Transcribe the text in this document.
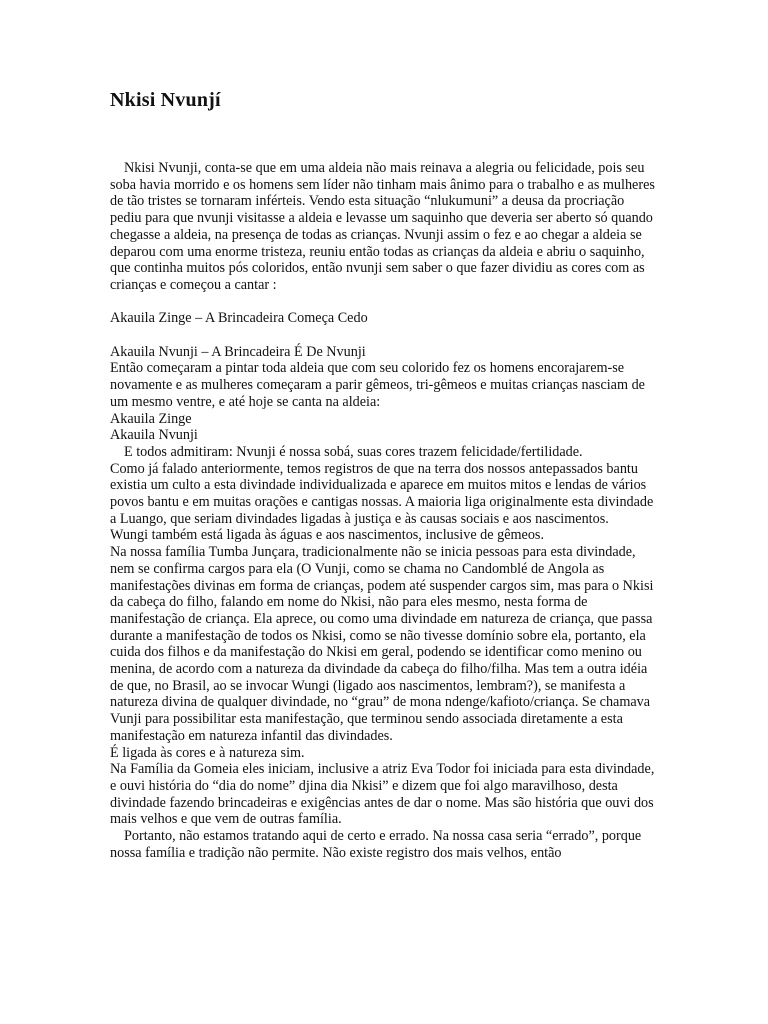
Nkisi Nvunjí

Nkisi Nvunji, conta-se que em uma aldeia não mais reinava a alegria ou felicidade, pois seu soba havia morrido e os homens sem líder não tinham mais ânimo para o trabalho e as mulheres de tão tristes se tornaram inférteis. Vendo esta situação “nlukumuni” a deusa da procriação pediu para que nvunji visitasse a aldeia e levasse um saquinho que deveria ser aberto só quando chegasse a aldeia, na presença de todas as crianças. Nvunji assim o fez e ao chegar a aldeia se deparou com uma enorme tristeza, reuniu então todas as crianças da aldeia e abriu o saquinho, que continha muitos pós coloridos, então nvunji sem saber o que fazer dividiu as cores com as crianças e começou a cantar :

Akauila Zinge – A Brincadeira Começa Cedo

Akauila Nvunji – A Brincadeira É De Nvunji

Então começaram a pintar toda aldeia que com seu colorido fez os homens encorajarem-se novamente e as mulheres começaram a parir gêmeos, tri-gêmeos e muitas crianças nasciam de um mesmo ventre, e até hoje se canta na aldeia:

Akauila Zinge

Akauila Nvunji

E todos admitiram: Nvunji é nossa sobá, suas cores trazem felicidade/fertilidade.

Como já falado anteriormente, temos registros de que na terra dos nossos antepassados bantu existia um culto a esta divindade individualizada e aparece em muitos mitos e lendas de vários povos bantu e em muitas orações e cantigas nossas. A maioria liga originalmente esta divindade a Luango, que seriam divindades ligadas à justiça e às causas sociais e aos nascimentos.

Wungi também está ligada às águas e aos nascimentos, inclusive de gêmeos.

Na nossa família Tumba Junçara, tradicionalmente não se inicia pessoas para esta divindade, nem se confirma cargos para ela (O Vunji, como se chama no Candomblé de Angola as manifestações divinas em forma de crianças, podem até suspender cargos sim, mas para o Nkisi da cabeça do filho, falando em nome do Nkisi, não para eles mesmo, nesta forma de manifestação de criança. Ela aprece, ou como uma divindade em natureza de criança, que passa durante a manifestação de todos os Nkisi, como se não tivesse domínio sobre ela, portanto, ela cuida dos filhos e da manifestação do Nkisi em geral, podendo se identificar como menino ou menina, de acordo com a natureza da divindade da cabeça do filho/filha. Mas tem a outra idéia de que, no Brasil, ao se invocar Wungi (ligado aos nascimentos, lembram?), se manifesta a natureza divina de qualquer divindade, no “grau” de mona ndenge/kafioto/criança. Se chamava Vunji para possibilitar esta manifestação, que terminou sendo associada diretamente a esta manifestação em natureza infantil das divindades.

É ligada às cores e à natureza sim.

Na Família da Gomeia eles iniciam, inclusive a atriz Eva Todor foi iniciada para esta divindade, e ouvi história do “dia do nome” djina dia Nkisi” e dizem que foi algo maravilhoso, desta divindade fazendo brincadeiras e exigências antes de dar o nome. Mas são história que ouvi dos mais velhos e que vem de outras família.

Portanto, não estamos tratando aqui de certo e errado. Na nossa casa seria “errado”, porque nossa família e tradição não permite. Não existe registro dos mais velhos, então
